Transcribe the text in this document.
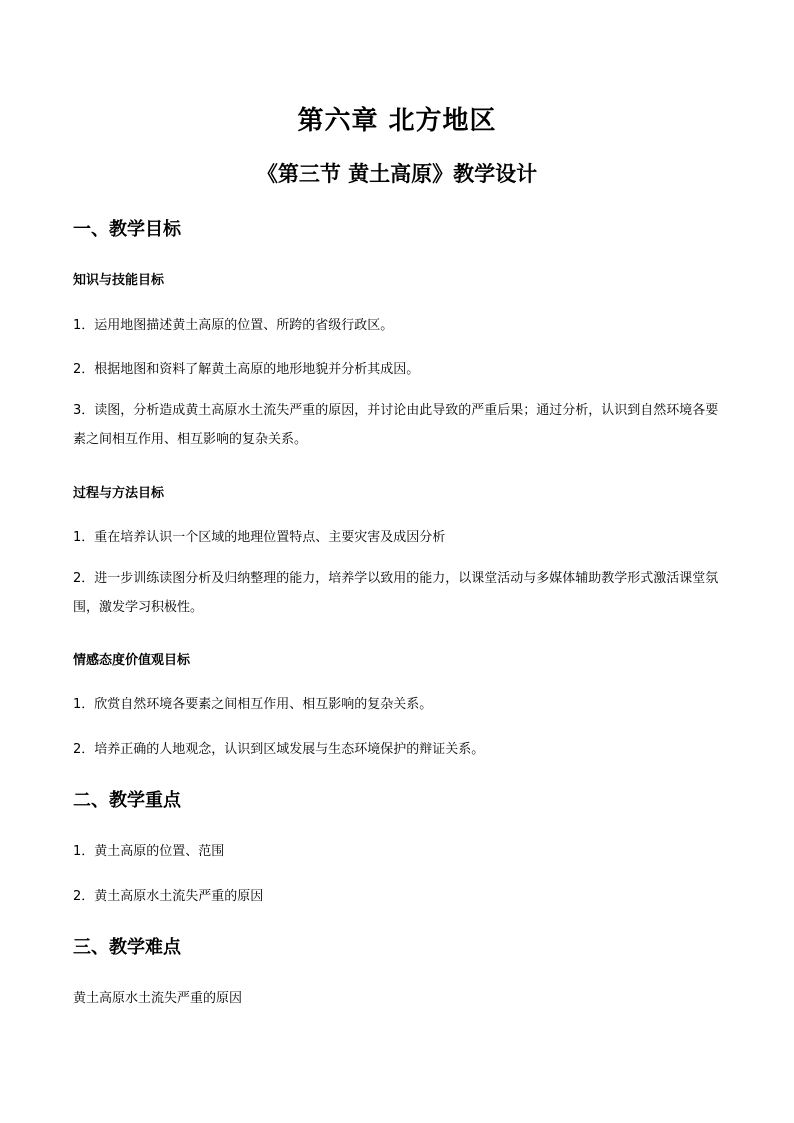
第六章 北方地区
《第三节 黄土高原》教学设计
一、教学目标
知识与技能目标
1．运用地图描述黄土高原的位置、所跨的省级行政区。
2．根据地图和资料了解黄土高原的地形地貌并分析其成因。
3．读图，分析造成黄土高原水土流失严重的原因，并讨论由此导致的严重后果；通过分析，认识到自然环境各要素之间相互作用、相互影响的复杂关系。
过程与方法目标
1．重在培养认识一个区域的地理位置特点、主要灾害及成因分析
2．进一步训练读图分析及归纳整理的能力，培养学以致用的能力，以课堂活动与多媒体辅助教学形式激活课堂氛围，激发学习积极性。
情感态度价值观目标
1．欣赏自然环境各要素之间相互作用、相互影响的复杂关系。
2．培养正确的人地观念，认识到区域发展与生态环境保护的辩证关系。
二、教学重点
1．黄土高原的位置、范围
2．黄土高原水土流失严重的原因
三、教学难点
黄土高原水土流失严重的原因
